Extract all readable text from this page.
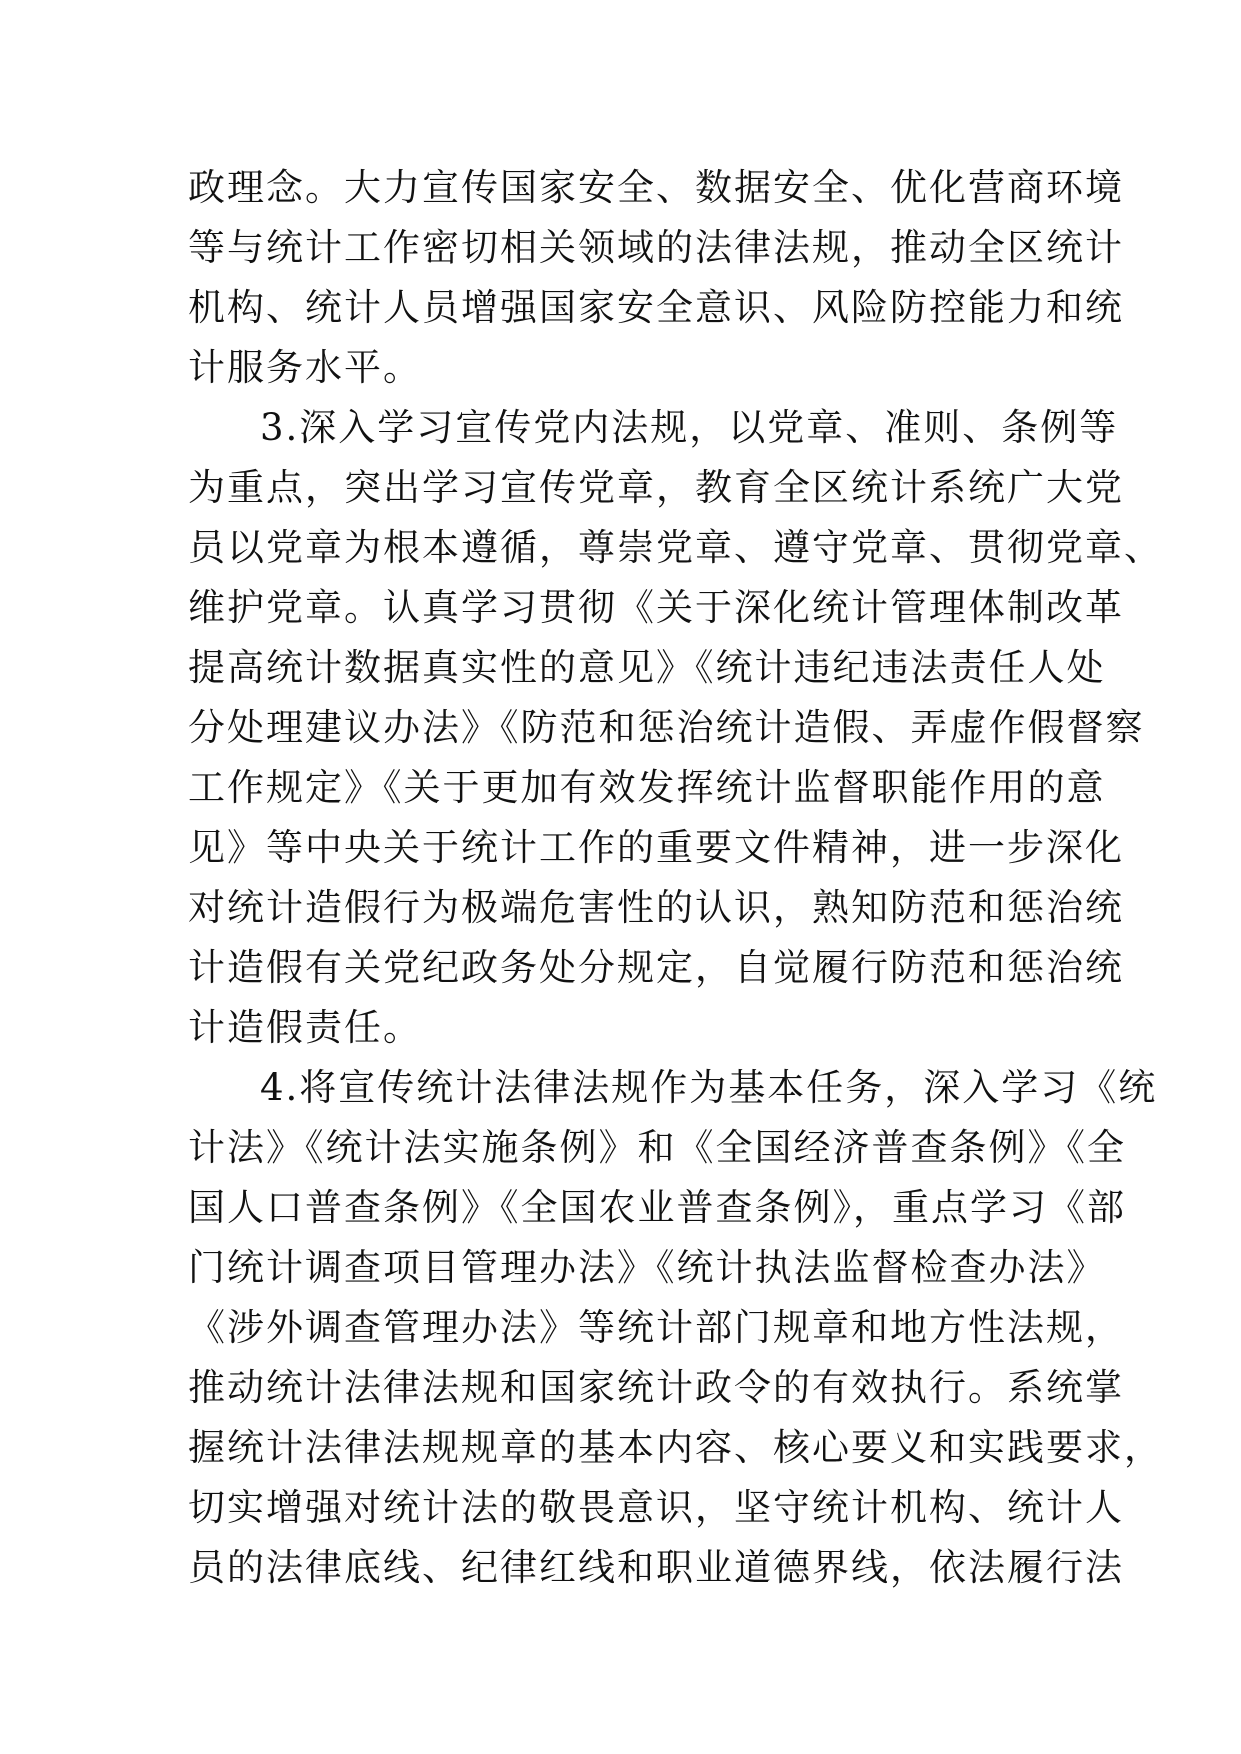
政理念。大力宣传国家安全、数据安全、优化营商环境
等与统计工作密切相关领域的法律法规，推动全区统计
机构、统计人员增强国家安全意识、风险防控能力和统
计服务水平。
3.深入学习宣传党内法规，以党章、准则、条例等
为重点，突出学习宣传党章，教育全区统计系统广大党
员以党章为根本遵循，尊崇党章、遵守党章、贯彻党章、
维护党章。认真学习贯彻《关于深化统计管理体制改革
提高统计数据真实性的意见》《统计违纪违法责任人处
分处理建议办法》《防范和惩治统计造假、弄虚作假督察
工作规定》《关于更加有效发挥统计监督职能作用的意
见》等中央关于统计工作的重要文件精神，进一步深化
对统计造假行为极端危害性的认识，熟知防范和惩治统
计造假有关党纪政务处分规定，自觉履行防范和惩治统
计造假责任。
4.将宣传统计法律法规作为基本任务，深入学习《统
计法》《统计法实施条例》和《全国经济普查条例》《全
国人口普查条例》《全国农业普查条例》，重点学习《部
门统计调查项目管理办法》《统计执法监督检查办法》
《涉外调查管理办法》等统计部门规章和地方性法规，
推动统计法律法规和国家统计政令的有效执行。系统掌
握统计法律法规规章的基本内容、核心要义和实践要求，
切实增强对统计法的敬畏意识，坚守统计机构、统计人
员的法律底线、纪律红线和职业道德界线，依法履行法
